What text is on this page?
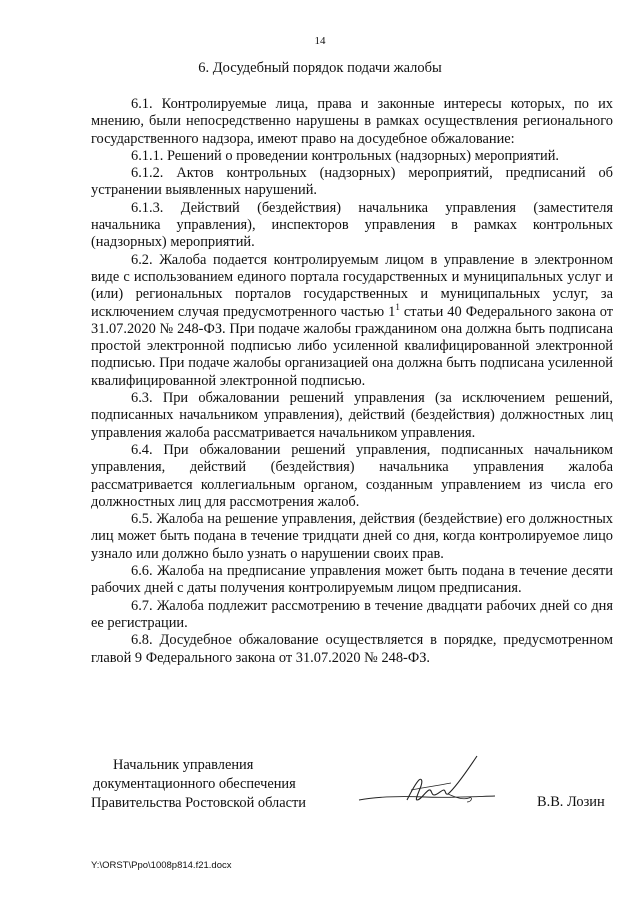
14
6. Досудебный порядок подачи жалобы

6.1. Контролируемые лица, права и законные интересы которых, по их мнению, были непосредственно нарушены в рамках осуществления регионального государственного надзора, имеют право на досудебное обжалование:

6.1.1. Решений о проведении контрольных (надзорных) мероприятий.

6.1.2. Актов контрольных (надзорных) мероприятий, предписаний об устранении выявленных нарушений.

6.1.3. Действий (бездействия) начальника управления (заместителя начальника управления), инспекторов управления в рамках контрольных (надзорных) мероприятий.

6.2. Жалоба подается контролируемым лицом в управление в электронном виде с использованием единого портала государственных и муниципальных услуг и (или) региональных порталов государственных и муниципальных услуг, за исключением случая предусмотренного частью $1^1$ статьи 40 Федерального закона от 31.07.2020 № 248-ФЗ. При подаче жалобы гражданином она должна быть подписана простой электронной подписью либо усиленной квалифицированной электронной подписью. При подаче жалобы организацией она должна быть подписана усиленной квалифицированной электронной подписью.

6.3. При обжаловании решений управления (за исключением решений, подписанных начальником управления), действий (бездействия) должностных лиц управления жалоба рассматривается начальником управления.

6.4. При обжаловании решений управления, подписанных начальником управления, действий (бездействия) начальника управления жалоба рассматривается коллегиальным органом, созданным управлением из числа его должностных лиц для рассмотрения жалоб.

6.5. Жалоба на решение управления, действия (бездействие) его должностных лиц может быть подана в течение тридцати дней со дня, когда контролируемое лицо узнало или должно было узнать о нарушении своих прав.

6.6. Жалоба на предписание управления может быть подана в течение десяти рабочих дней с даты получения контролируемым лицом предписания.

6.7. Жалоба подлежит рассмотрению в течение двадцати рабочих дней со дня ее регистрации.

6.8. Досудебное обжалование осуществляется в порядке, предусмотренном главой 9 Федерального закона от 31.07.2020 № 248-ФЗ.

Начальник управления
документационного обеспечения
Правительства Ростовской области	В.В. Лозин
Y:\ORST\Ppo\1008p814.f21.docx
